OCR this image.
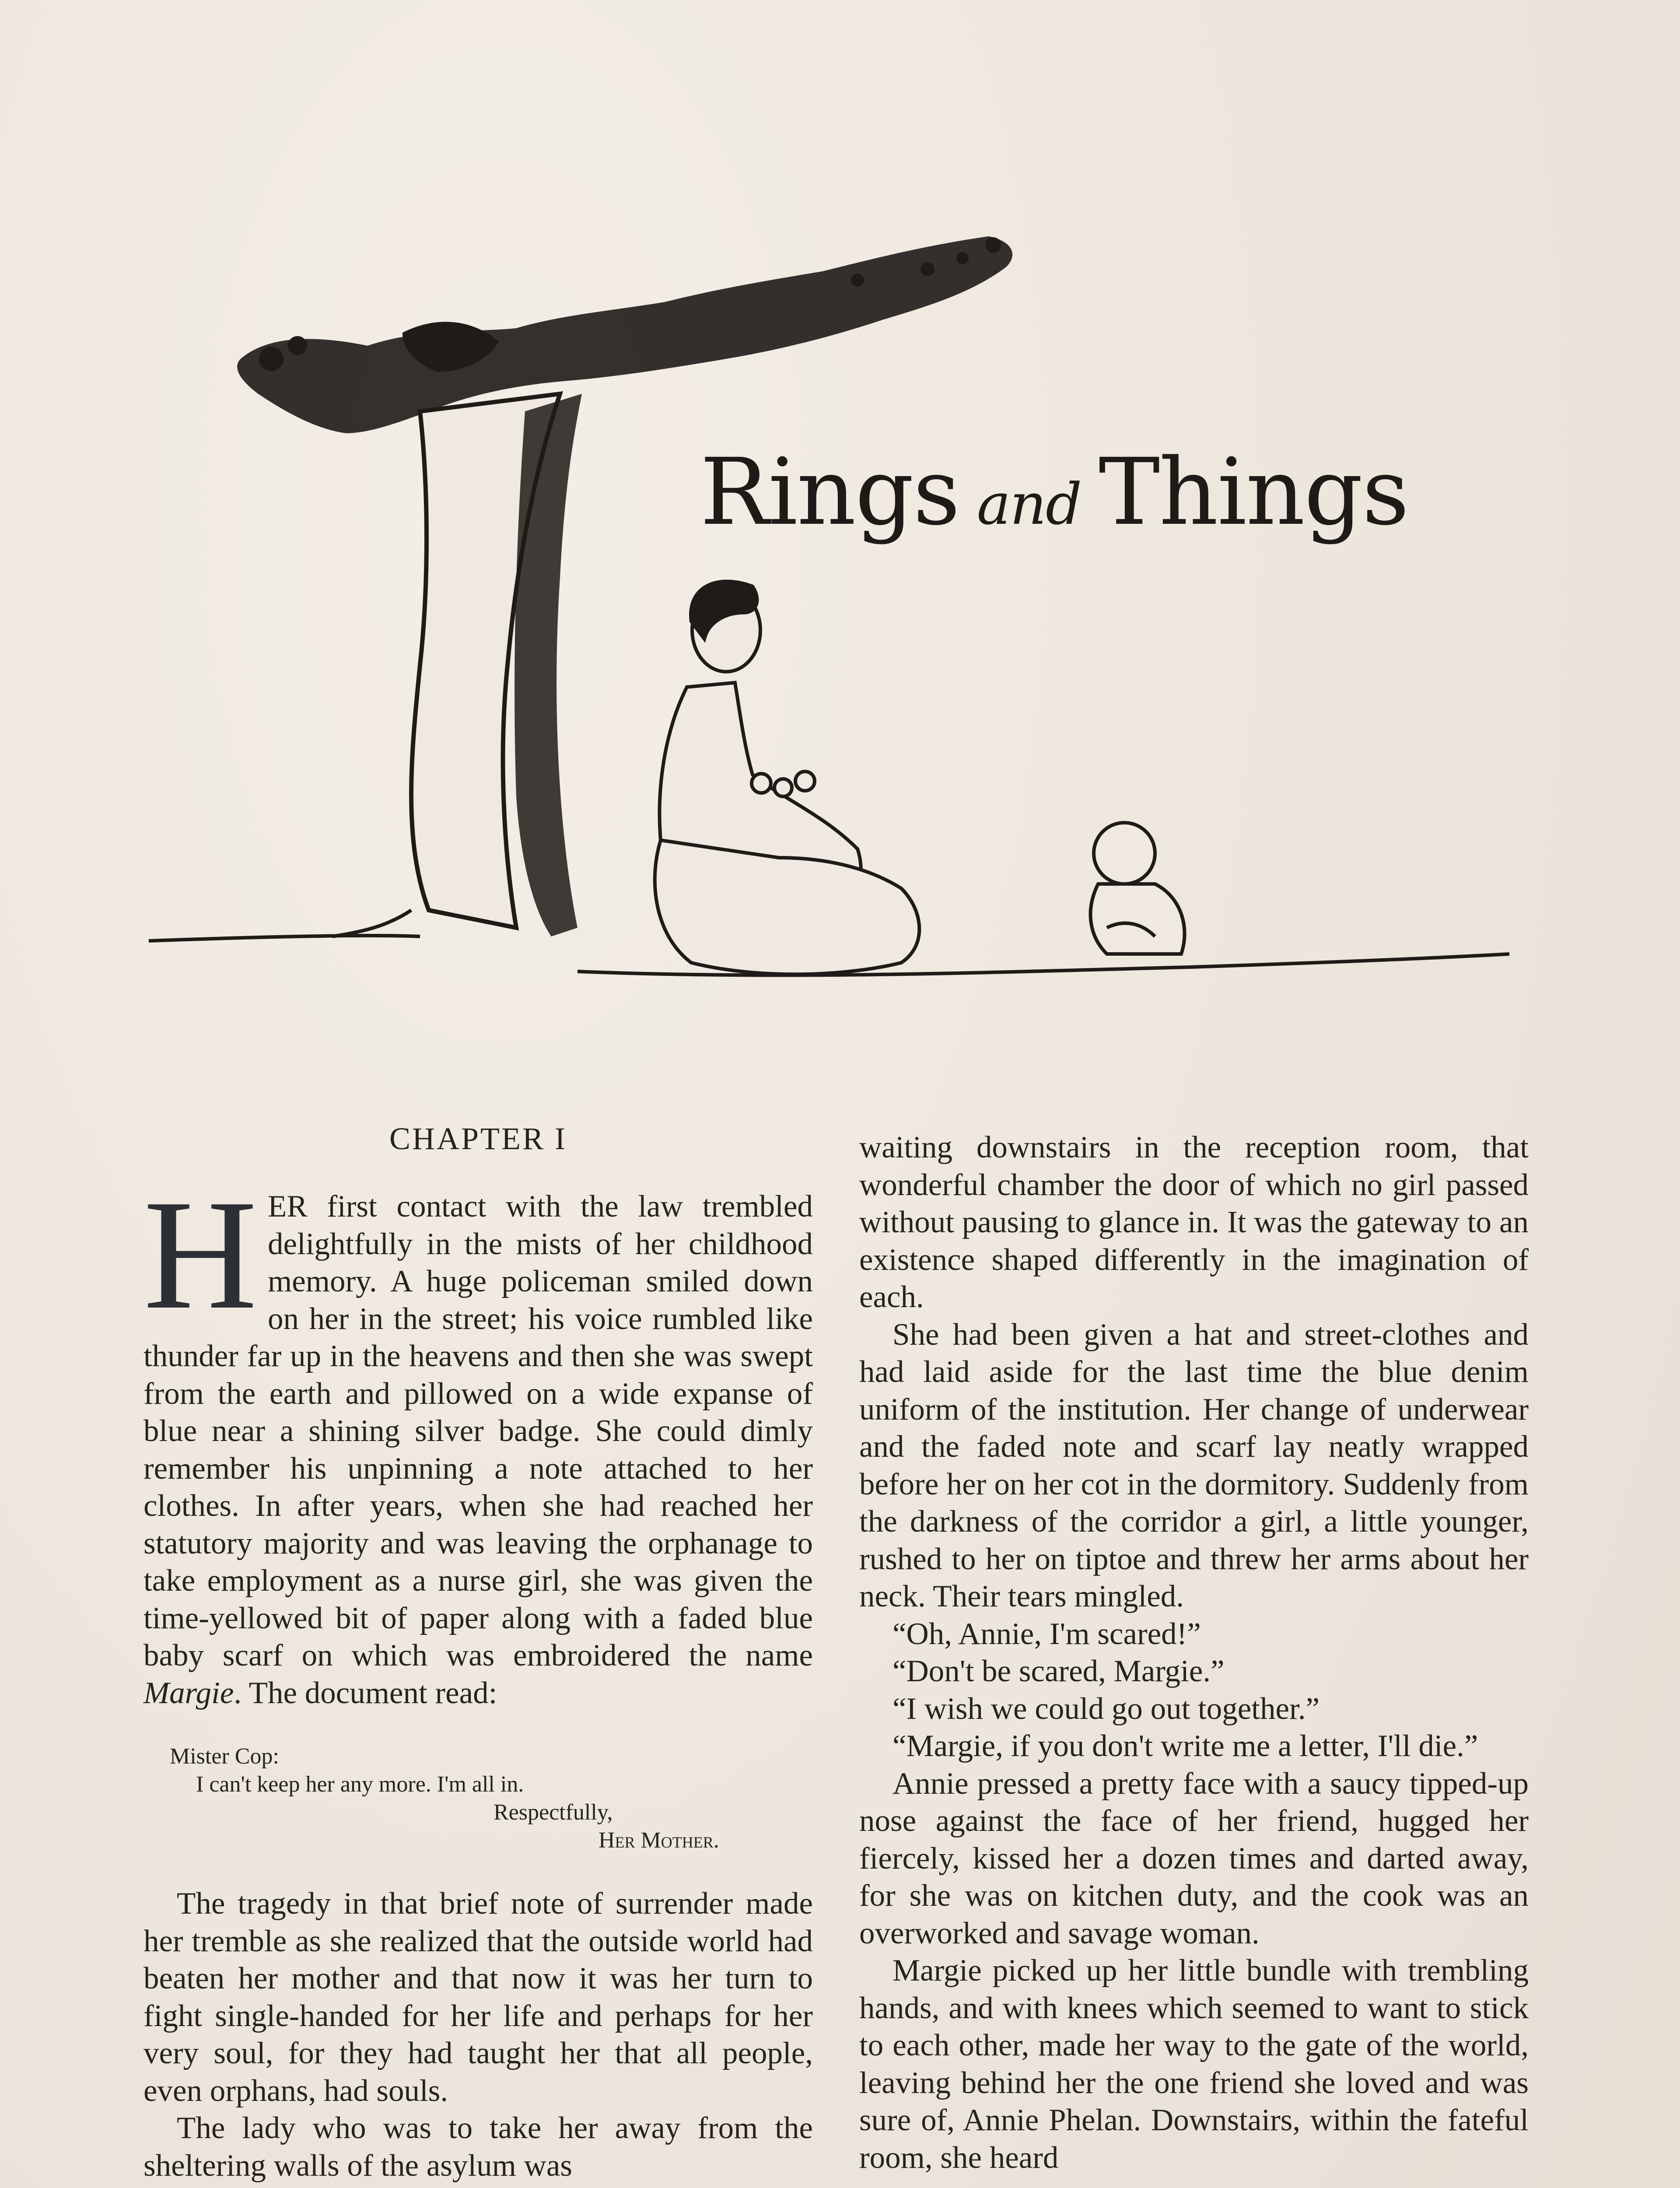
Rings and Things
CHAPTER I

HER first contact with the law trembled delightfully in the mists of her childhood memory. A huge policeman smiled down on her in the street; his voice rumbled like thunder far up in the heavens and then she was swept from the earth and pillowed on a wide expanse of blue near a shining silver badge. She could dimly remember his unpinning a note attached to her clothes. In after years, when she had reached her statutory majority and was leaving the orphanage to take employment as a nurse girl, she was given the time-yellowed bit of paper along with a faded blue baby scarf on which was embroidered the name Margie. The document read:

Mister Cop:
I can't keep her any more. I'm all in.
Respectfully,
Her Mother.

The tragedy in that brief note of surrender made her tremble as she realized that the outside world had beaten her mother and that now it was her turn to fight single-handed for her life and perhaps for her very soul, for they had taught her that all people, even orphans, had souls.

The lady who was to take her away from the sheltering walls of the asylum was

waiting downstairs in the reception room, that wonderful chamber the door of which no girl passed without pausing to glance in. It was the gateway to an existence shaped differently in the imagination of each.

She had been given a hat and street-clothes and had laid aside for the last time the blue denim uniform of the institution. Her change of underwear and the faded note and scarf lay neatly wrapped before her on her cot in the dormitory. Suddenly from the darkness of the corridor a girl, a little younger, rushed to her on tiptoe and threw her arms about her neck. Their tears mingled.

“Oh, Annie, I'm scared!”

“Don't be scared, Margie.”

“I wish we could go out together.”

“Margie, if you don't write me a letter, I'll die.”

Annie pressed a pretty face with a saucy tipped-up nose against the face of her friend, hugged her fiercely, kissed her a dozen times and darted away, for she was on kitchen duty, and the cook was an overworked and savage woman.

Margie picked up her little bundle with trembling hands, and with knees which seemed to want to stick to each other, made her way to the gate of the world, leaving behind her the one friend she loved and was sure of, Annie Phelan. Downstairs, within the fateful room, she heard
